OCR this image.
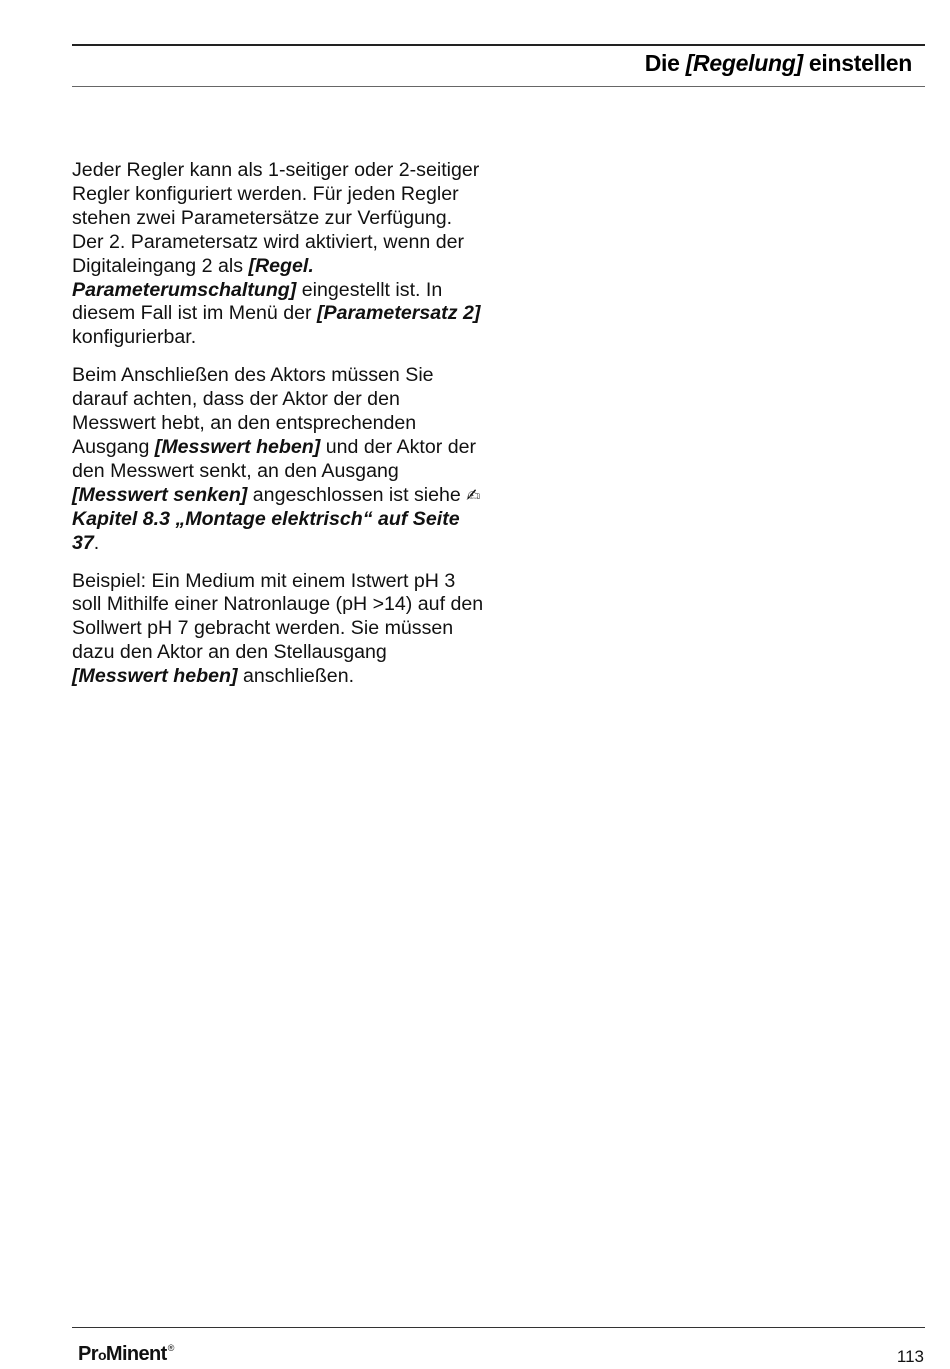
Die [Regelung] einstellen

Jeder Regler kann als 1-seitiger oder 2-seitiger Regler konfiguriert werden. Für jeden Regler stehen zwei Parametersätze zur Verfügung. Der 2. Parametersatz wird aktiviert, wenn der Digitaleingang 2 als [Regel. Parameterumschaltung] eingestellt ist. In diesem Fall ist im Menü der [Parametersatz 2] konfigurierbar.

Beim Anschließen des Aktors müssen Sie darauf achten, dass der Aktor der den Messwert hebt, an den entsprechenden Ausgang [Messwert heben] und der Aktor der den Messwert senkt, an den Ausgang [Messwert senken] angeschlossen ist siehe ✍Kapitel 8.3 „Montage elektrisch“ auf Seite 37.

Beispiel: Ein Medium mit einem Istwert pH 3 soll Mithilfe einer Natronlauge (pH >14) auf den Sollwert pH 7 gebracht werden. Sie müssen dazu den Aktor an den Stellausgang [Messwert heben] anschließen.

ProMinent®	113
